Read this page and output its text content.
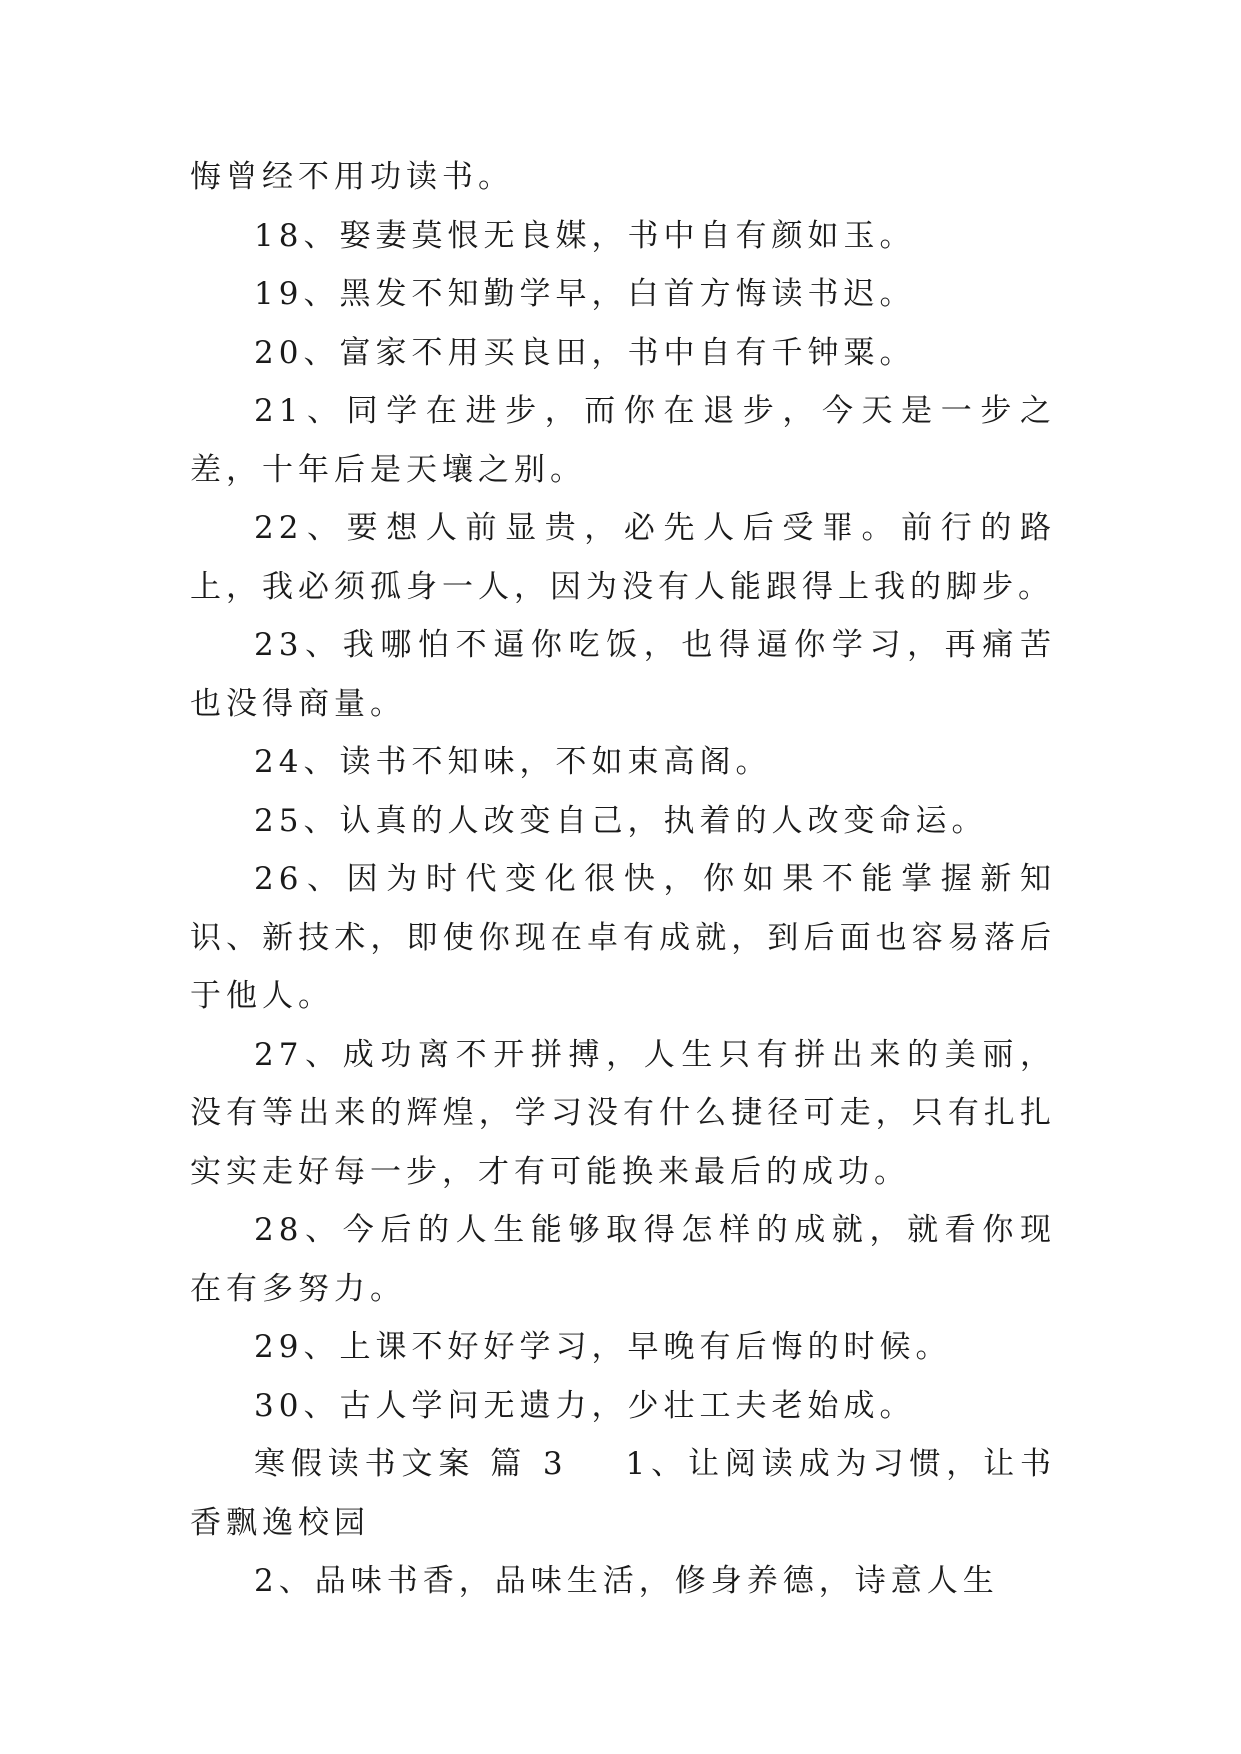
悔曾经不用功读书。

18、娶妻莫恨无良媒，书中自有颜如玉。

19、黑发不知勤学早，白首方悔读书迟。

20、富家不用买良田，书中自有千钟粟。

21、同学在进步，而你在退步，今天是一步之差，十年后是天壤之别。

22、要想人前显贵，必先人后受罪。前行的路上，我必须孤身一人，因为没有人能跟得上我的脚步。

23、我哪怕不逼你吃饭，也得逼你学习，再痛苦也没得商量。

24、读书不知味，不如束高阁。

25、认真的人改变自己，执着的人改变命运。

26、因为时代变化很快，你如果不能掌握新知识、新技术，即使你现在卓有成就，到后面也容易落后于他人。

27、成功离不开拼搏，人生只有拼出来的美丽，没有等出来的辉煌，学习没有什么捷径可走，只有扎扎实实走好每一步，才有可能换来最后的成功。

28、今后的人生能够取得怎样的成就，就看你现在有多努力。

29、上课不好好学习，早晚有后悔的时候。

30、古人学问无遗力，少壮工夫老始成。

寒假读书文案 篇 3 1、让阅读成为习惯，让书香飘逸校园

2、品味书香，品味生活，修身养德，诗意人生
